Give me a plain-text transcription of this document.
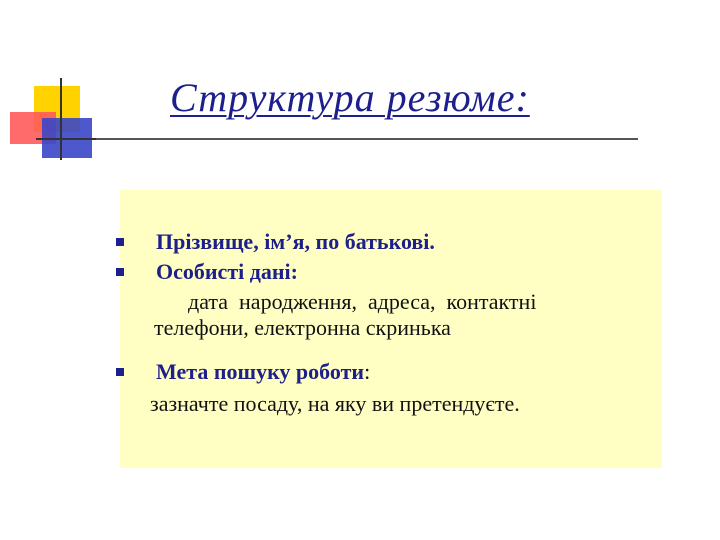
Структура резюме:
Прізвище, ім’я, по батькові.
Особисті дані:
дата  народження,  адреса,  контактні
телефони, електронна скринька
Мета пошуку роботи:
зазначте посаду, на яку ви претендуєте.
